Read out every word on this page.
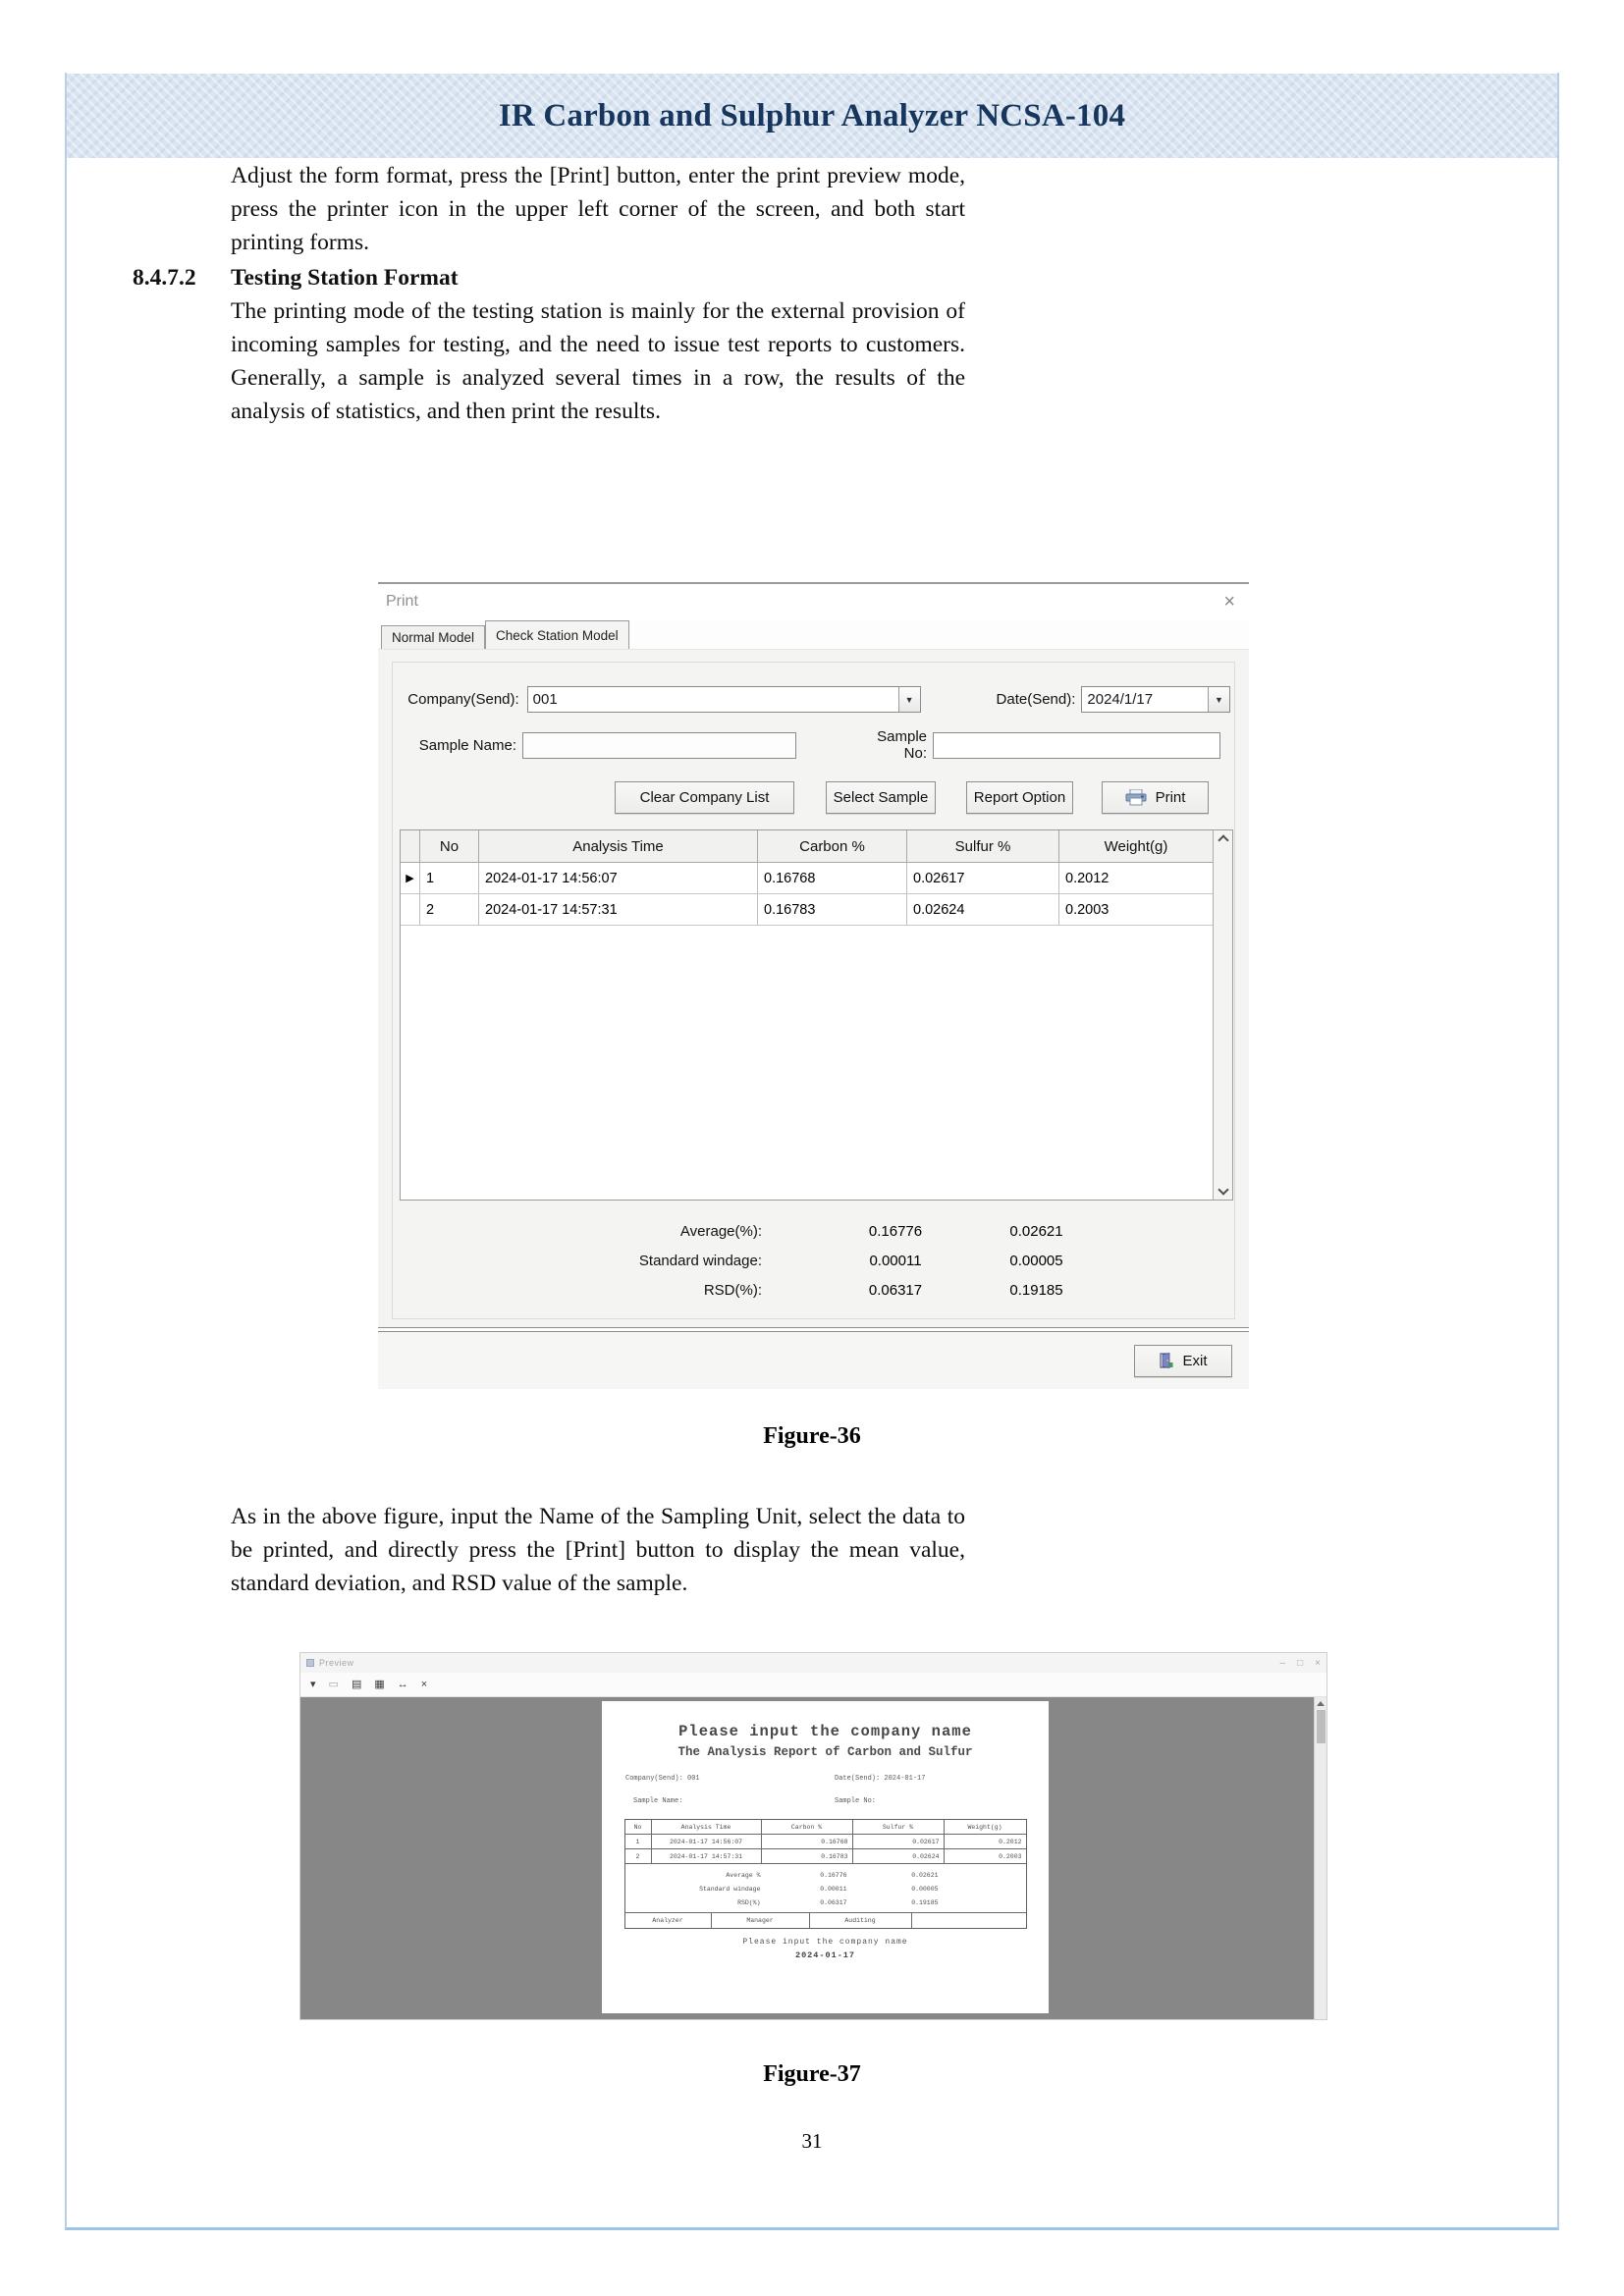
IR Carbon and Sulphur Analyzer NCSA-104

Adjust the form format, press the [Print] button, enter the print preview mode, press the printer icon in the upper left corner of the screen, and both start printing forms.

8.4.7.2 Testing Station Format

The printing mode of the testing station is mainly for the external provision of incoming samples for testing, and the need to issue test reports to customers. Generally, a sample is analyzed several times in a row, the results of the analysis of statistics, and then print the results.

Print	×
Normal Model	Check Station Model
Company(Send): 001	▼	Date(Send): 2024/1/17	▼
Sample Name:	Sample No:
Clear Company List	Select Sample	Report Option	Print
No	Analysis Time	Carbon %	Sulfur %	Weight(g)
▶ 1	2024-01-17 14:56:07	0.16768	0.02617	0.2012
2	2024-01-17 14:57:31	0.16783	0.02624	0.2003
Average(%):	0.16776	0.02621
Standard windage:	0.00011	0.00005
RSD(%):	0.06317	0.19185
Exit
Figure-36

As in the above figure, input the Name of the Sampling Unit, select the data to be printed, and directly press the [Print] button to display the mean value, standard deviation, and RSD value of the sample.

Preview	– □ ×
▾ ▭ ▤ ▦ ↔ ×
Please input the company name
The Analysis Report of Carbon and Sulfur
Company(Send): 001	Date(Send): 2024-01-17
Sample Name:	Sample No:
No	Analysis Time	Carbon %	Sulfur %	Weight(g)
1	2024-01-17 14:56:07	0.16768	0.02617	0.2012
2	2024-01-17 14:57:31	0.16783	0.02624	0.2003
Average %	0.16776	0.02621
Standard windage	0.00011	0.00005
RSD(%)	0.06317	0.19185
Analyzer	Manager	Auditing
Please input the company name
2024-01-17
Figure-37
31
